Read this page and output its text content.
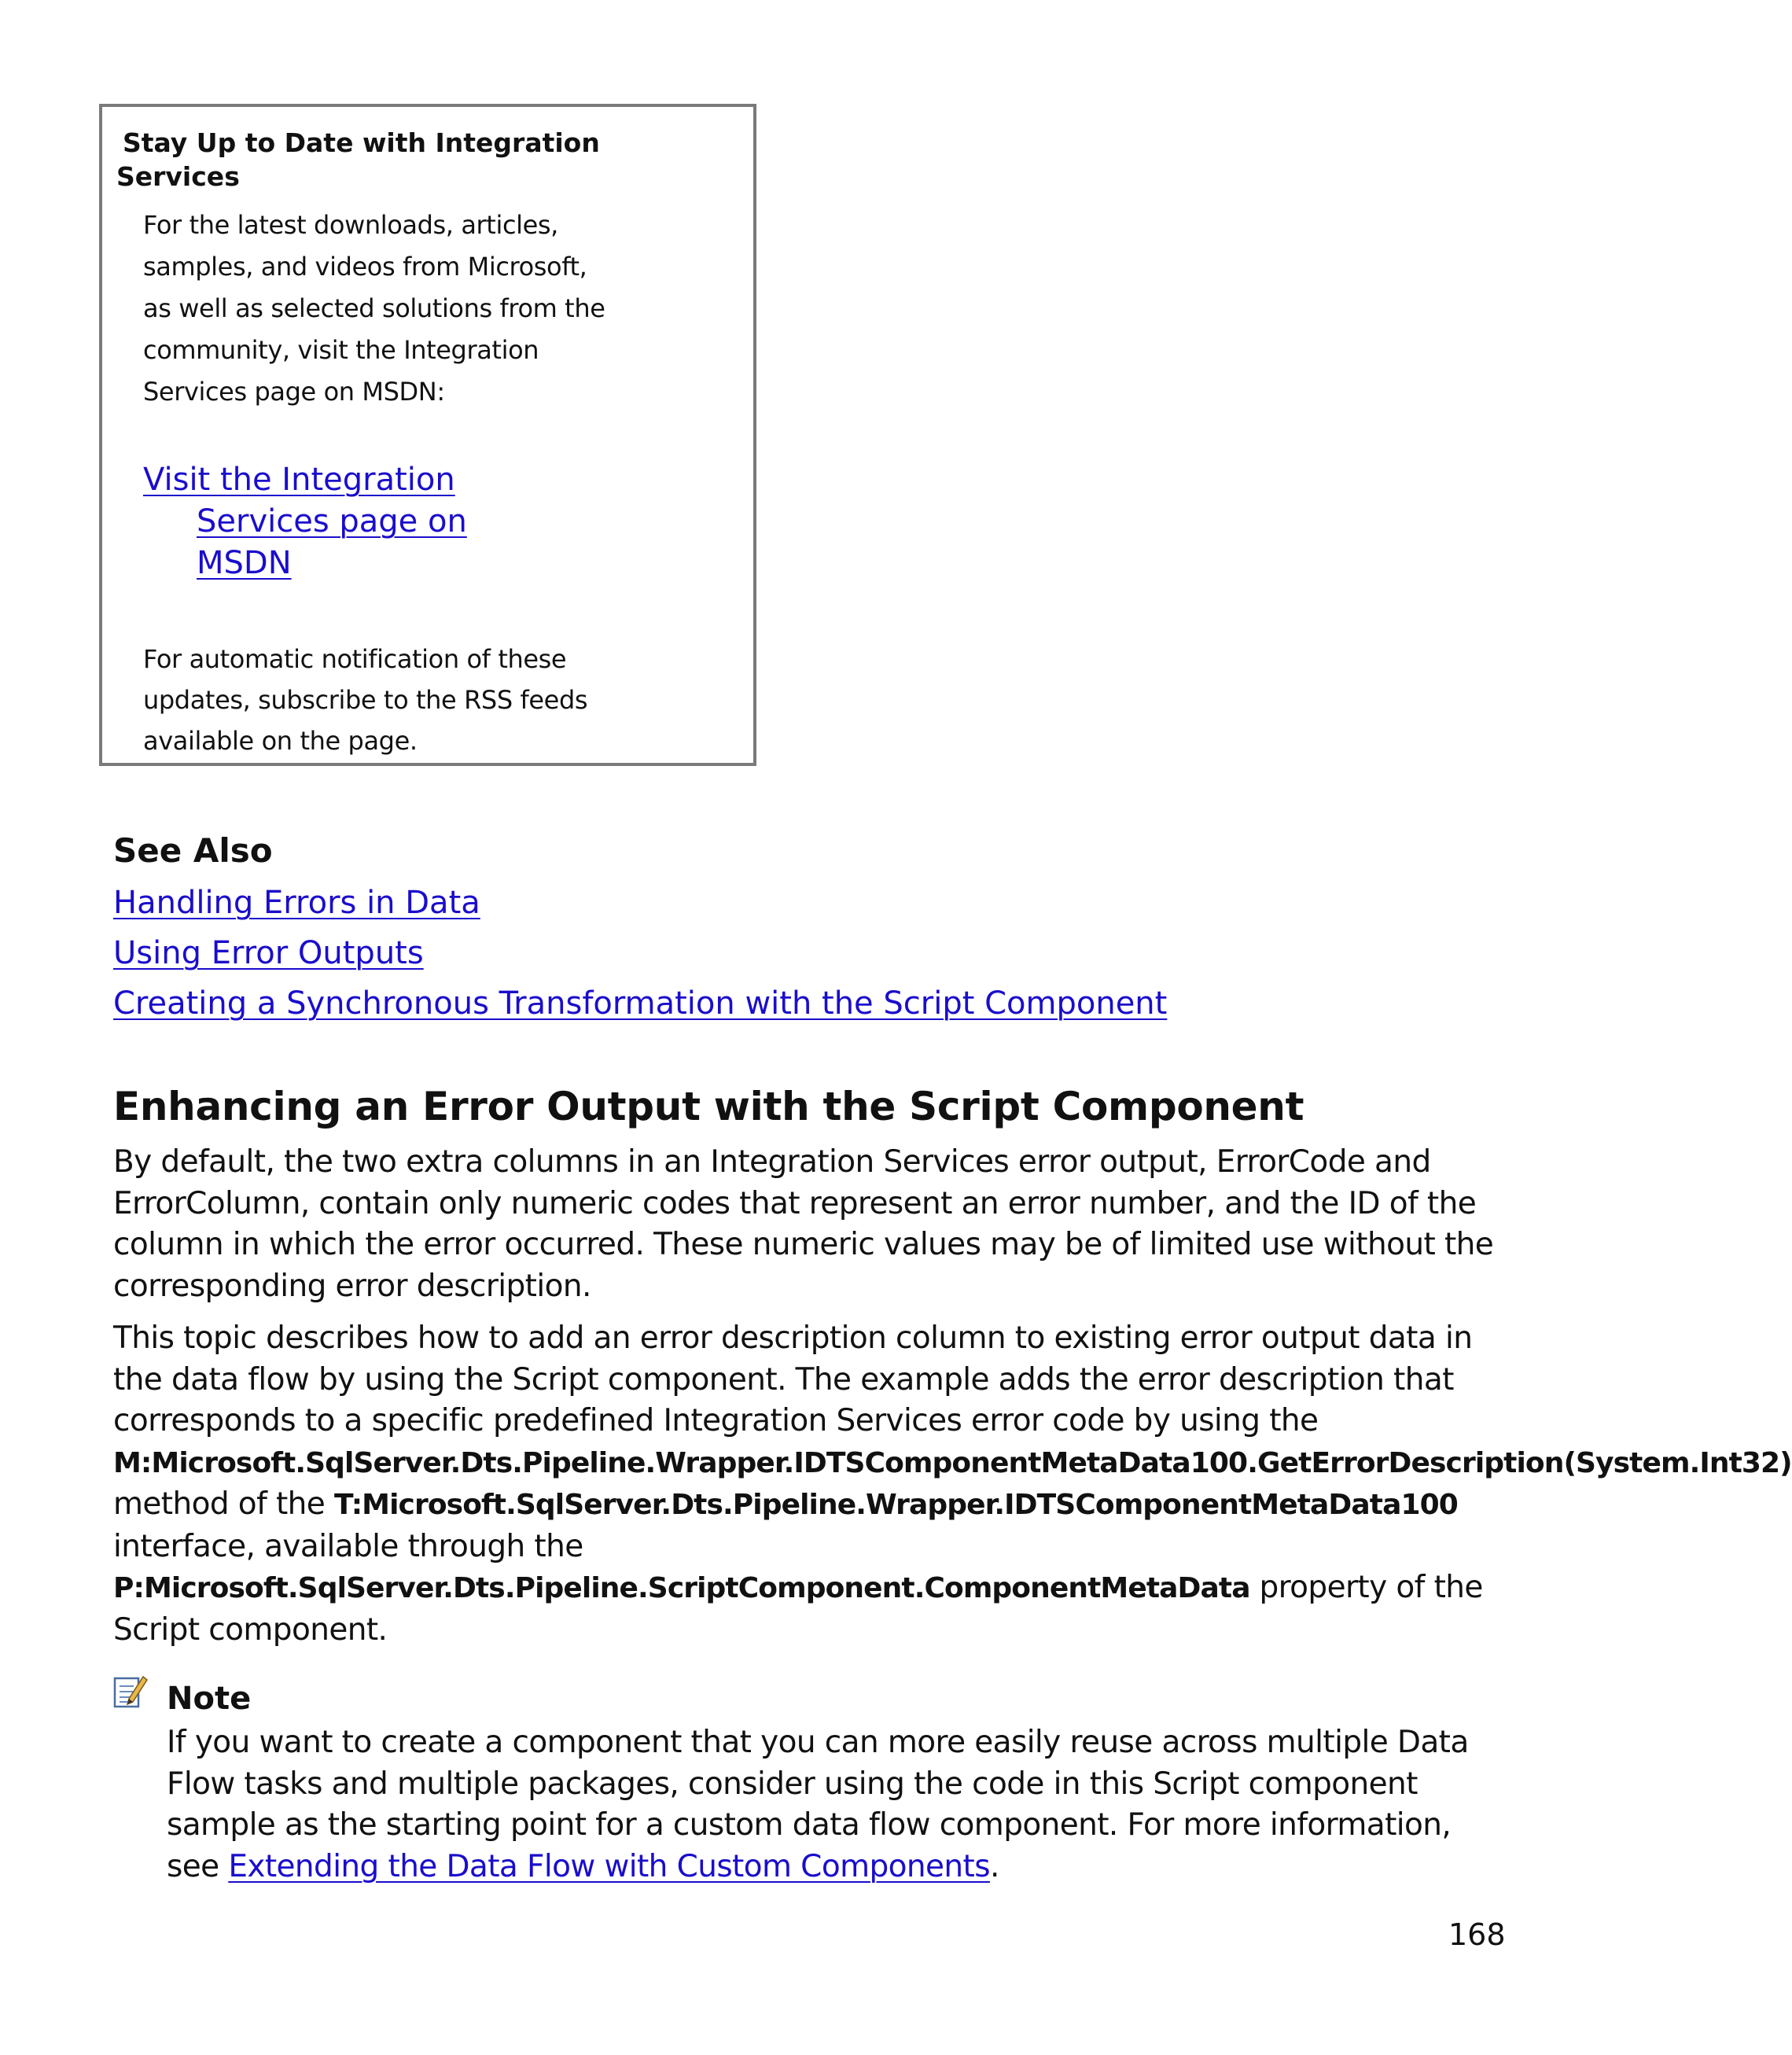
Stay Up to Date with Integration Services
For the latest downloads, articles, samples, and videos from Microsoft, as well as selected solutions from the community, visit the Integration Services page on MSDN:
Visit the Integration Services page on MSDN
For automatic notification of these updates, subscribe to the RSS feeds available on the page.
See Also
Handling Errors in Data
Using Error Outputs
Creating a Synchronous Transformation with the Script Component
Enhancing an Error Output with the Script Component

By default, the two extra columns in an Integration Services error output, ErrorCode and ErrorColumn, contain only numeric codes that represent an error number, and the ID of the column in which the error occurred. These numeric values may be of limited use without the corresponding error description.

This topic describes how to add an error description column to existing error output data in the data flow by using the Script component. The example adds the error description that corresponds to a specific predefined Integration Services error code by using the M:Microsoft.SqlServer.Dts.Pipeline.Wrapper.IDTSComponentMetaData100.GetErrorDescription(System.Int32) method of the T:Microsoft.SqlServer.Dts.Pipeline.Wrapper.IDTSComponentMetaData100 interface, available through the P:Microsoft.SqlServer.Dts.Pipeline.ScriptComponent.ComponentMetaData property of the Script component.

Note
If you want to create a component that you can more easily reuse across multiple Data Flow tasks and multiple packages, consider using the code in this Script component sample as the starting point for a custom data flow component. For more information, see Extending the Data Flow with Custom Components.
168
